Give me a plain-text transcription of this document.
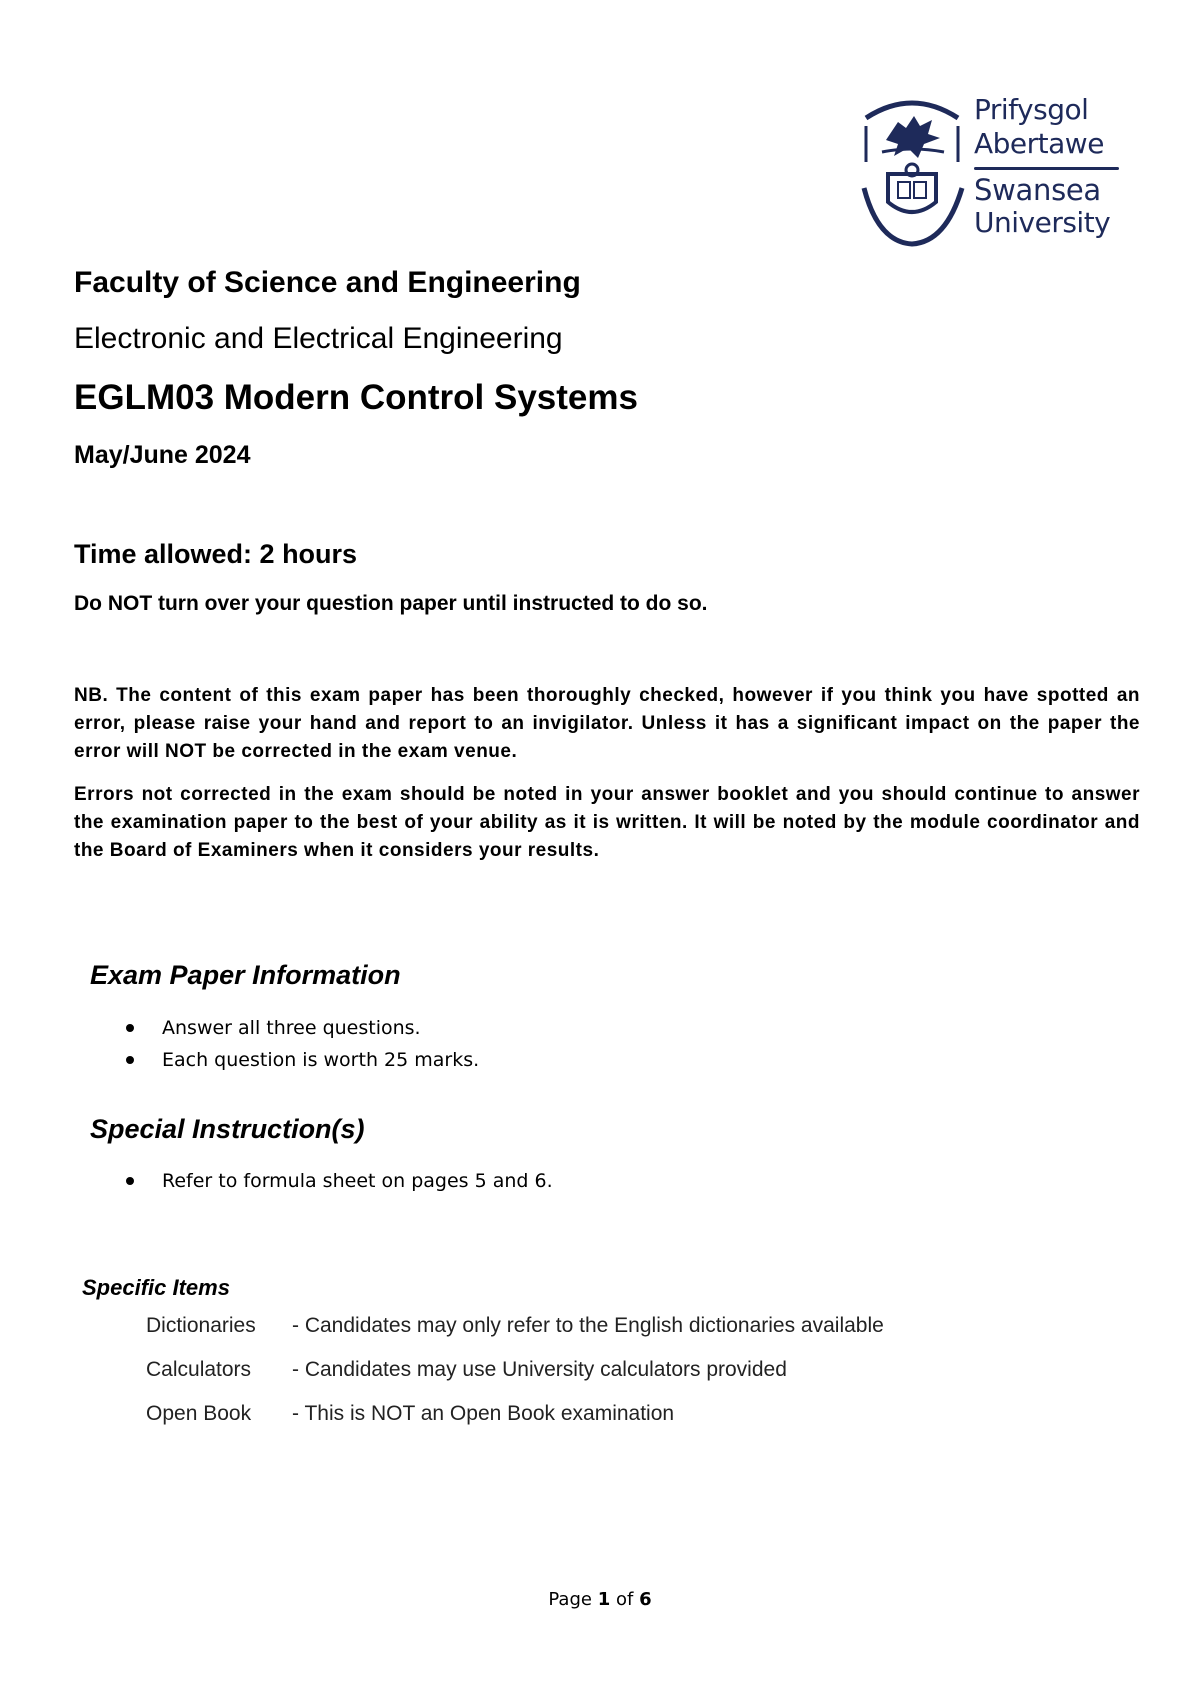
Prifysgol
Abertawe
Swansea
University
Faculty of Science and Engineering
Electronic and Electrical Engineering
EGLM03 Modern Control Systems
May/June 2024
Time allowed: 2 hours
Do NOT turn over your question paper until instructed to do so.
NB. The content of this exam paper has been thoroughly checked, however if you think you have spotted an error, please raise your hand and report to an invigilator. Unless it has a significant impact on the paper the error will NOT be corrected in the exam venue.
Errors not corrected in the exam should be noted in your answer booklet and you should continue to answer the examination paper to the best of your ability as it is written. It will be noted by the module coordinator and the Board of Examiners when it considers your results.
Exam Paper Information
Answer all three questions.
Each question is worth 25 marks.
Special Instruction(s)
Refer to formula sheet on pages 5 and 6.
Specific Items
Dictionaries	- Candidates may only refer to the English dictionaries available
Calculators	- Candidates may use University calculators provided
Open Book	- This is NOT an Open Book examination
Page 1 of 6
